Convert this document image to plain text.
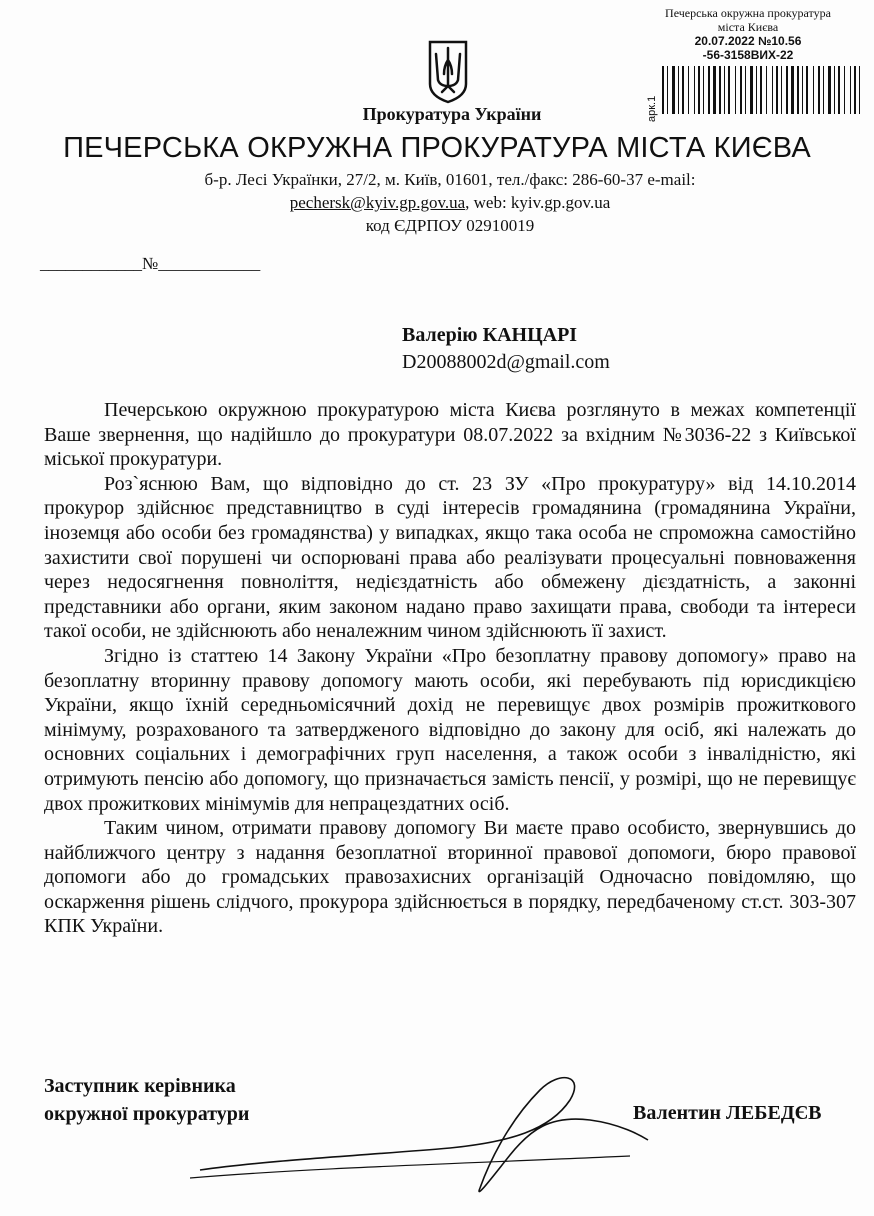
Печерська окружна прокуратура
міста Києва
20.07.2022 №10.56
-56-3158ВИХ-22
арк.1
Прокуратура України
ПЕЧЕРСЬКА ОКРУЖНА ПРОКУРАТУРА МІСТА КИЄВА
б-р. Лесі Українки, 27/2, м. Київ, 01601, тел./факс: 286-60-37 e-mail:
pechersk@kyiv.gp.gov.ua, web: kyiv.gp.gov.ua
код ЄДРПОУ 02910019
____________№____________
Валерію КАНЦАРІ
D20088002d@gmail.com

Печерською окружною прокуратурою міста Києва розглянуто в межах компетенції Ваше звернення, що надійшло до прокуратури 08.07.2022 за вхідним №3036-22 з Київської міської прокуратури.

Роз`яснюю Вам, що відповідно до ст. 23 ЗУ «Про прокуратуру» від 14.10.2014 прокурор здійснює представництво в суді інтересів громадянина (громадянина України, іноземця або особи без громадянства) у випадках, якщо така особа не спроможна самостійно захистити свої порушені чи оспорювані права або реалізувати процесуальні повноваження через недосягнення повноліття, недієздатність або обмежену дієздатність, а законні представники або органи, яким законом надано право захищати права, свободи та інтереси такої особи, не здійснюють або неналежним чином здійснюють її захист.

Згідно із статтею 14 Закону України «Про безоплатну правову допомогу» право на безоплатну вторинну правову допомогу мають особи, які перебувають під юрисдикцією України, якщо їхній середньомісячний дохід не перевищує двох розмірів прожиткового мінімуму, розрахованого та затвердженого відповідно до закону для осіб, які належать до основних соціальних і демографічних груп населення, а також особи з інвалідністю, які отримують пенсію або допомогу, що призначається замість пенсії, у розмірі, що не перевищує двох прожиткових мінімумів для непрацездатних осіб.

Таким чином, отримати правову допомогу Ви маєте право особисто, звернувшись до найближчого центру з надання безоплатної вторинної правової допомоги, бюро правової допомоги або до громадських правозахисних організацій Одночасно повідомляю, що оскарження рішень слідчого, прокурора здійснюється в порядку, передбаченому ст.ст. 303-307 КПК України.

Заступник керівника
окружної прокуратури	Валентин ЛЕБЕДЄВ
